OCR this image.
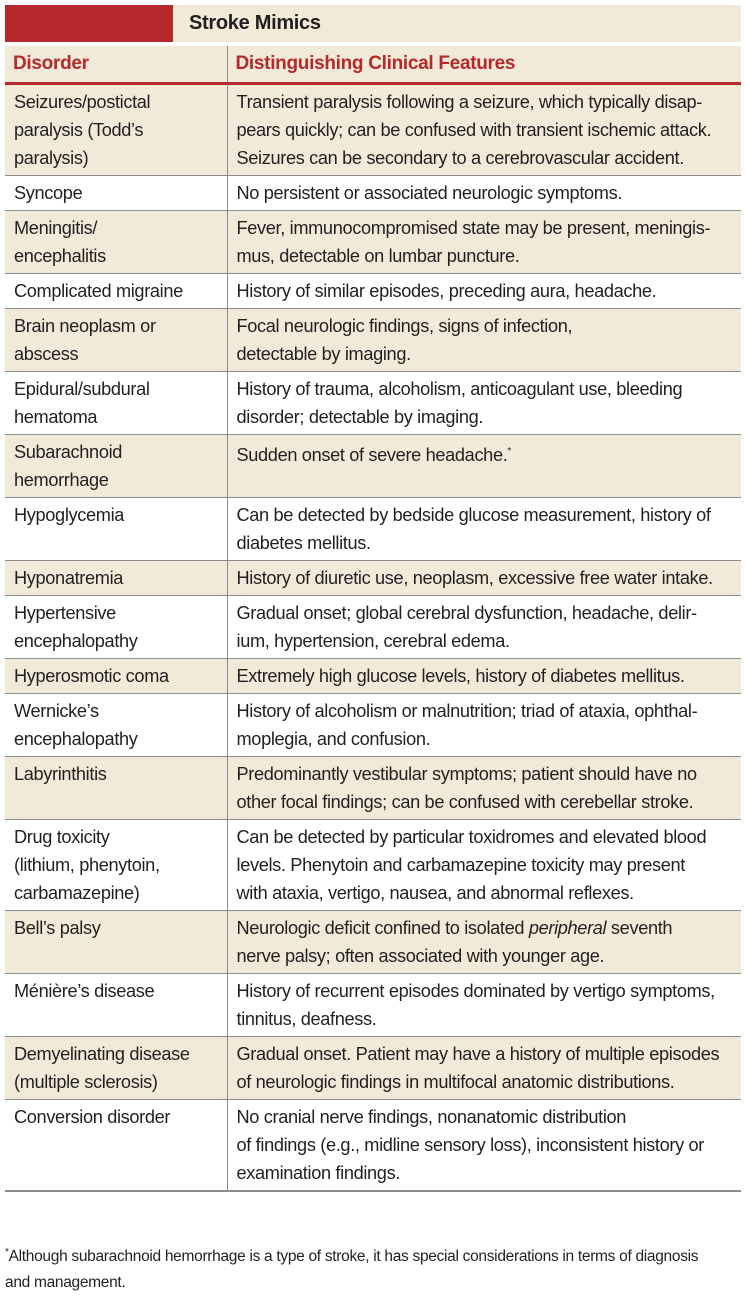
Stroke Mimics
Disorder	Distinguishing Clinical Features
Seizures/postictal
paralysis (Todd’s
paralysis)	Transient paralysis following a seizure, which typically disap-
pears quickly; can be confused with transient ischemic attack.
Seizures can be secondary to a cerebrovascular accident.
Syncope	No persistent or associated neurologic symptoms.
Meningitis/
encephalitis	Fever, immunocompromised state may be present, meningis-
mus, detectable on lumbar puncture.
Complicated migraine	History of similar episodes, preceding aura, headache.
Brain neoplasm or
abscess	Focal neurologic findings, signs of infection,
detectable by imaging.
Epidural/subdural
hematoma	History of trauma, alcoholism, anticoagulant use, bleeding
disorder; detectable by imaging.
Subarachnoid
hemorrhage	Sudden onset of severe headache.*
Hypoglycemia	Can be detected by bedside glucose measurement, history of
diabetes mellitus.
Hyponatremia	History of diuretic use, neoplasm, excessive free water intake.
Hypertensive
encephalopathy	Gradual onset; global cerebral dysfunction, headache, delir-
ium, hypertension, cerebral edema.
Hyperosmotic coma	Extremely high glucose levels, history of diabetes mellitus.
Wernicke’s
encephalopathy	History of alcoholism or malnutrition; triad of ataxia, ophthal-
moplegia, and confusion.
Labyrinthitis	Predominantly vestibular symptoms; patient should have no
other focal findings; can be confused with cerebellar stroke.
Drug toxicity
(lithium, phenytoin,
carbamazepine)	Can be detected by particular toxidromes and elevated blood
levels. Phenytoin and carbamazepine toxicity may present
with ataxia, vertigo, nausea, and abnormal reflexes.
Bell’s palsy	Neurologic deficit confined to isolated peripheral seventh
nerve palsy; often associated with younger age.
Ménière’s disease	History of recurrent episodes dominated by vertigo symptoms,
tinnitus, deafness.
Demyelinating disease
(multiple sclerosis)	Gradual onset. Patient may have a history of multiple episodes
of neurologic findings in multifocal anatomic distributions.
Conversion disorder	No cranial nerve findings, nonanatomic distribution
of findings (e.g., midline sensory loss), inconsistent history or
examination findings.
*Although subarachnoid hemorrhage is a type of stroke, it has special considerations in terms of diagnosis
and management.
